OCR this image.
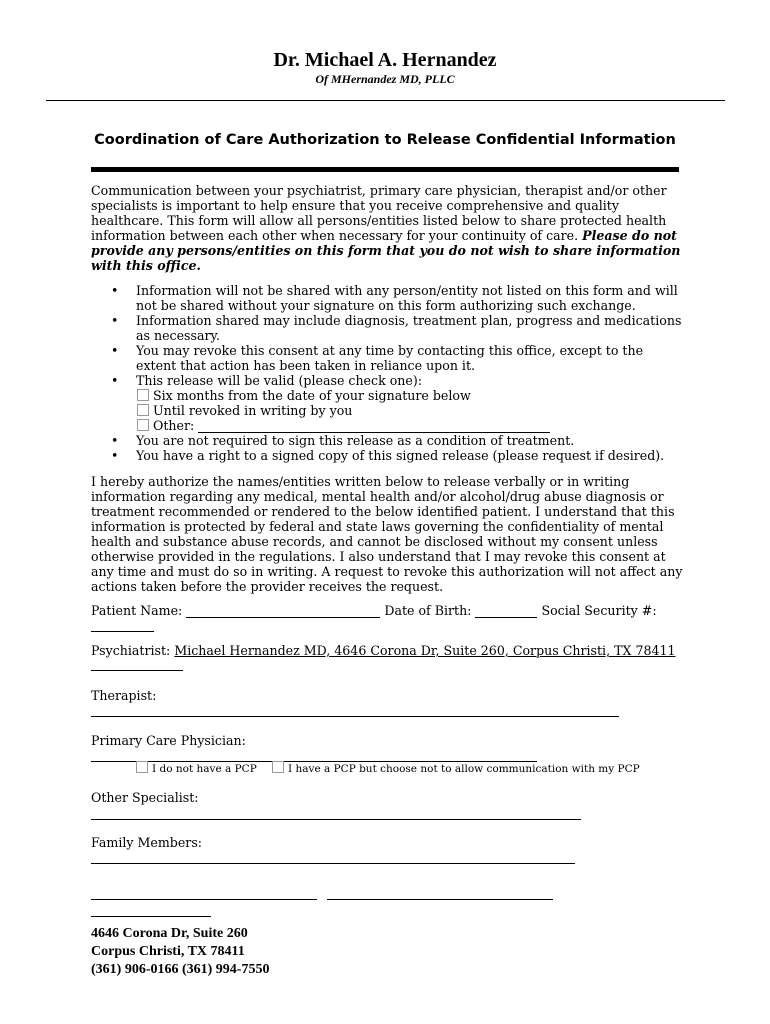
Dr. Michael A. Hernandez
Of MHernandez MD, PLLC
Coordination of Care Authorization to Release Confidential Information
Communication between your psychiatrist, primary care physician, therapist and/or other specialists is important to help ensure that you receive comprehensive and quality healthcare. This form will allow all persons/entities listed below to share protected health information between each other when necessary for your continuity of care. Please do not provide any persons/entities on this form that you do not wish to share information with this office.
• Information will not be shared with any person/entity not listed on this form and will not be shared without your signature on this form authorizing such exchange.
• Information shared may include diagnosis, treatment plan, progress and medications as necessary.
• You may revoke this consent at any time by contacting this office, except to the extent that action has been taken in reliance upon it.
• This release will be valid (please check one):
Six months from the date of your signature below
Until revoked in writing by you
Other:
• You are not required to sign this release as a condition of treatment.
• You have a right to a signed copy of this signed release (please request if desired).
I hereby authorize the names/entities written below to release verbally or in writing information regarding any medical, mental health and/or alcohol/drug abuse diagnosis or treatment recommended or rendered to the below identified patient. I understand that this information is protected by federal and state laws governing the confidentiality of mental health and substance abuse records, and cannot be disclosed without my consent unless otherwise provided in the regulations. I also understand that I may revoke this consent at any time and must do so in writing. A request to revoke this authorization will not affect any actions taken before the provider receives the request.
Patient Name:	Date of Birth:	Social Security #:
Psychiatrist: Michael Hernandez MD, 4646 Corona Dr, Suite 260, Corpus Christi, TX 78411
Therapist:
Primary Care Physician:
I do not have a PCP	I have a PCP but choose not to allow communication with my PCP
Other Specialist:
Family Members:
4646 Corona Dr, Suite 260
Corpus Christi, TX 78411
(361) 906-0166 (361) 994-7550
